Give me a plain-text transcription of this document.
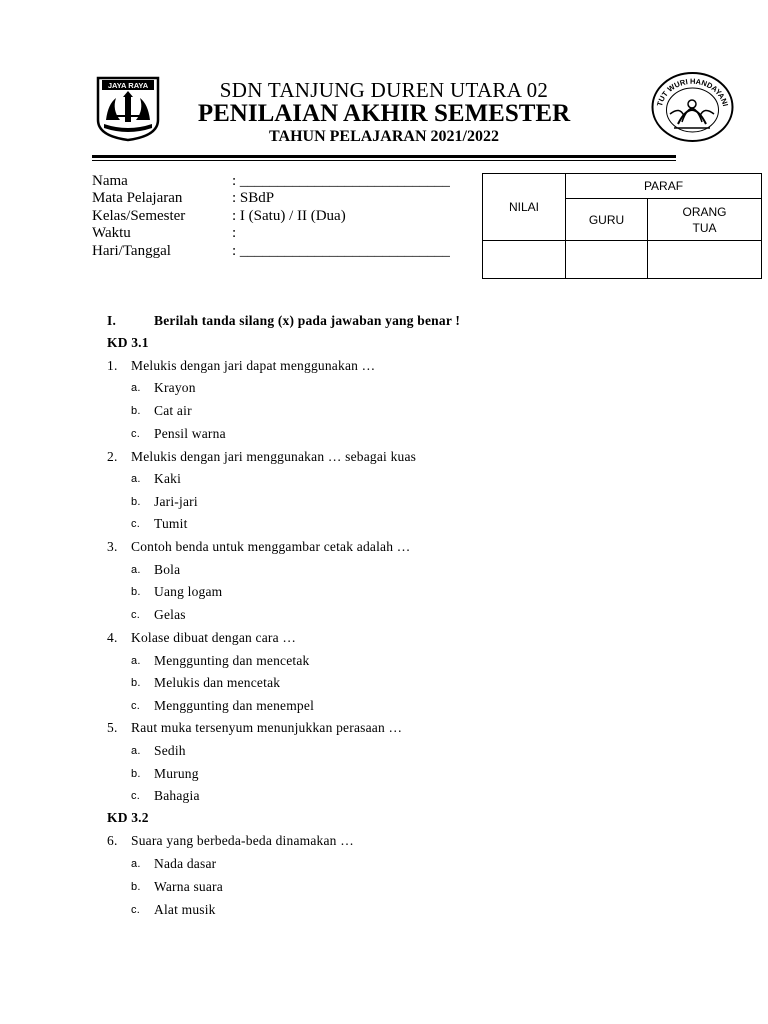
JAYA RAYA
TUT WURI HANDAYANI
SDN TANJUNG DUREN UTARA 02
PENILAIAN AKHIR SEMESTER
TAHUN PELAJARAN 2021/2022
Nama	: ____________________________
Mata Pelajaran	: SBdP
Kelas/Semester	: I (Satu) / II (Dua)
Waktu	:
Hari/Tanggal	: ____________________________
NILAI	PARAF	
	GURU	ORANG
TUA

I.	Berilah tanda silang (x) pada jawaban yang benar !
KD 3.1
1. Melukis dengan jari dapat menggunakan …
a. Krayon
b. Cat air
c. Pensil warna
2. Melukis dengan jari menggunakan … sebagai kuas
a. Kaki
b. Jari-jari
c. Tumit
3. Contoh benda untuk menggambar cetak adalah …
a. Bola
b. Uang logam
c. Gelas
4. Kolase dibuat dengan cara …
a. Menggunting dan mencetak
b. Melukis dan mencetak
c. Menggunting dan menempel
5. Raut muka tersenyum menunjukkan perasaan …
a. Sedih
b. Murung
c. Bahagia
KD 3.2
6. Suara yang berbeda-beda dinamakan …
a. Nada dasar
b. Warna suara
c. Alat musik
